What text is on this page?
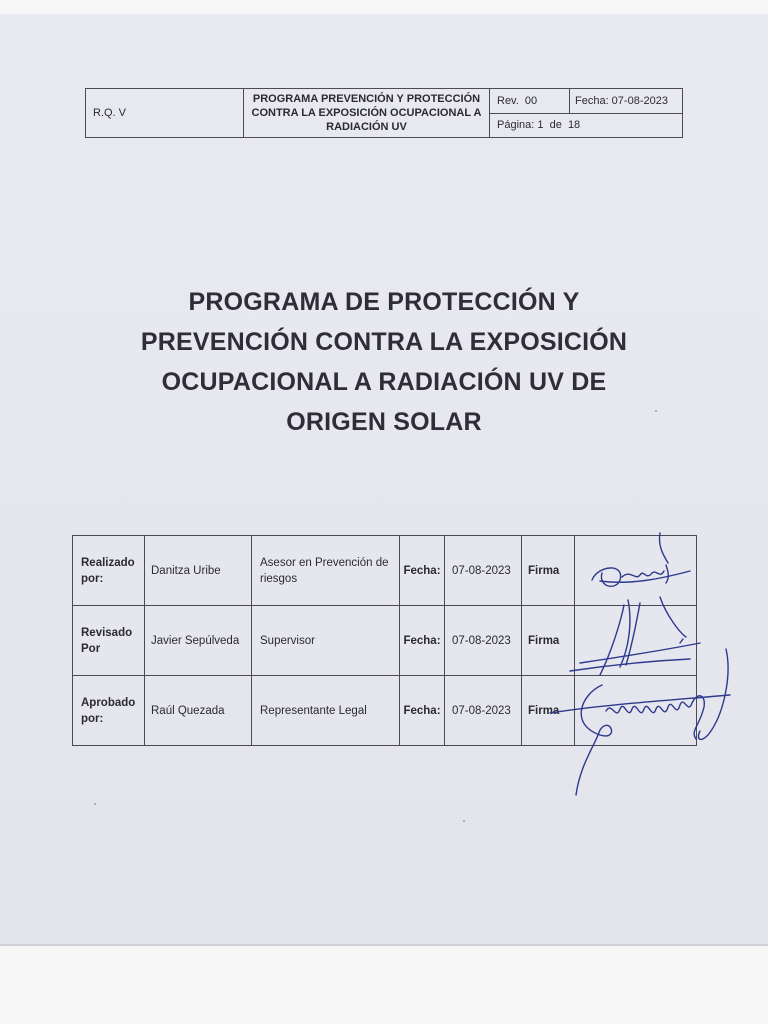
R.Q. V	
PROGRAMA PREVENCIÓN Y PROTECCIÓN
CONTRA LA EXPOSICIÓN OCUPACIONAL A
RADIACIÓN UV
	Rev.  00	Fecha: 07-08-2023
Página: 1  de  18
PROGRAMA DE PROTECCIÓN Y
PREVENCIÓN CONTRA LA EXPOSICIÓN
OCUPACIONAL A RADIACIÓN UV DE
ORIGEN SOLAR
Realizado por:	Danitza Uribe	Asesor en Prevención de riesgos	Fecha:	07-08-2023	Firma	
Revisado Por	Javier Sepúlveda	Supervisor	Fecha:	07-08-2023	Firma	
Aprobado por:	Raúl Quezada	Representante Legal	Fecha:	07-08-2023	Firma	
